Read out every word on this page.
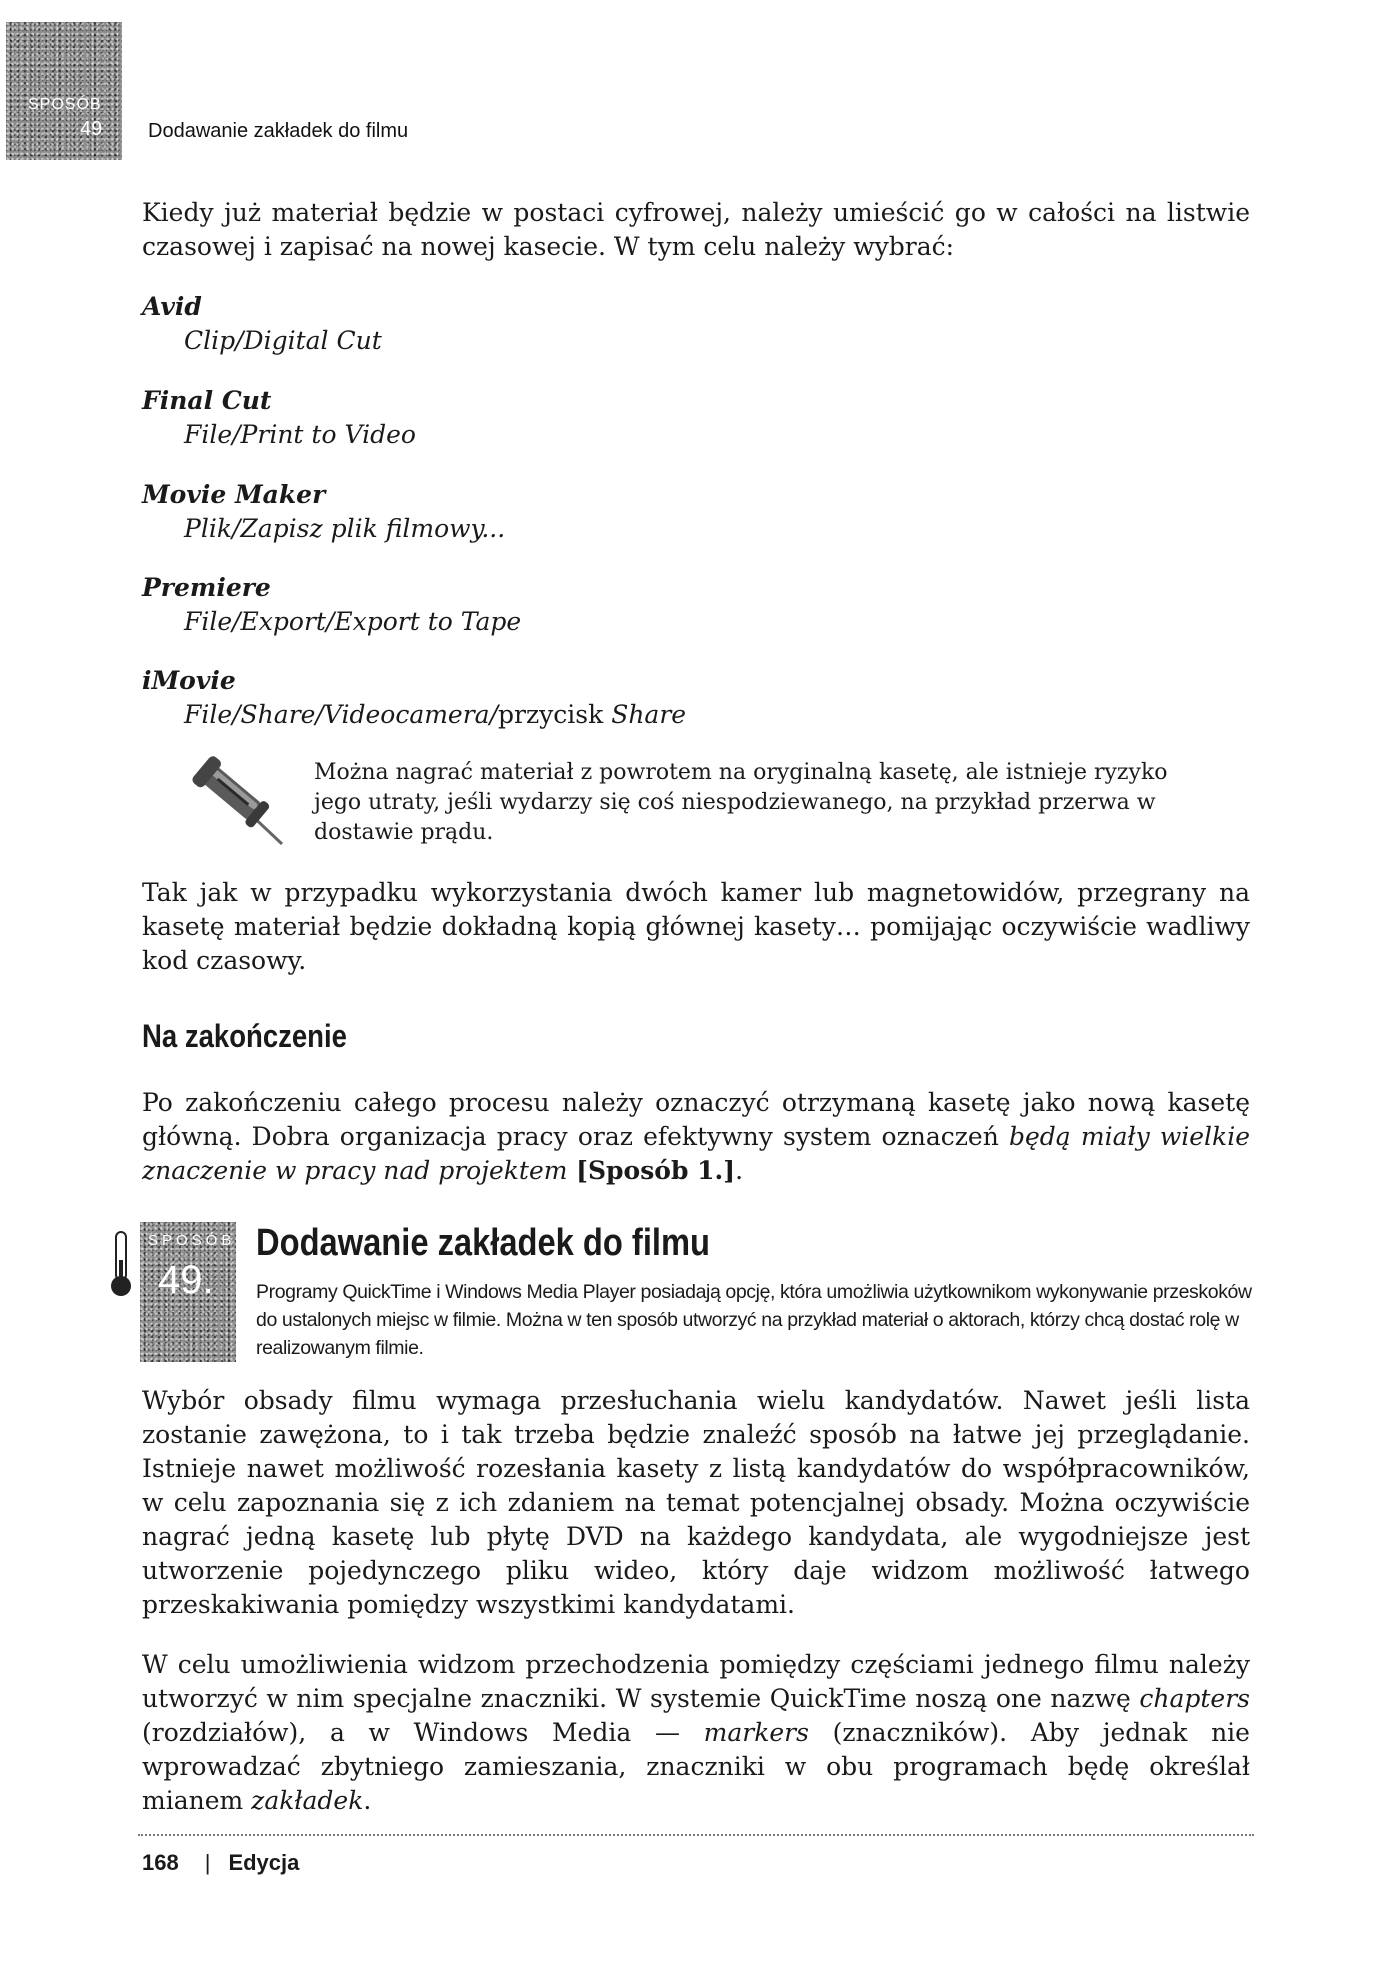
SPOSÓB
49 Dodawanie zakładek do filmu
Kiedy już materiał będzie w postaci cyfrowej, należy umieścić go w całości na listwie czasowej i zapisać na nowej kasecie. W tym celu należy wybrać:
Avid
Clip/Digital Cut
Final Cut
File/Print to Video
Movie Maker
Plik/Zapisz plik filmowy...
Premiere
File/Export/Export to Tape
iMovie
File/Share/Videocamera/przycisk Share
Można nagrać materiał z powrotem na oryginalną kasetę, ale istnieje ryzyko jego utraty, jeśli wydarzy się coś niespodziewanego, na przykład przerwa w dostawie prądu.
Tak jak w przypadku wykorzystania dwóch kamer lub magnetowidów, przegrany na kasetę materiał będzie dokładną kopią głównej kasety… pomijając oczywiście wadliwy kod czasowy.
Na zakończenie
Po zakończeniu całego procesu należy oznaczyć otrzymaną kasetę jako nową kasetę główną. Dobra organizacja pracy oraz efektywny system oznaczeń będą miały wielkie znaczenie w pracy nad projektem [Sposób 1.].
SPOSÓB
49.
Dodawanie zakładek do filmu
Programy QuickTime i Windows Media Player posiadają opcję, która umożliwia użytkownikom wykonywanie przeskoków do ustalonych miejsc w filmie. Można w ten sposób utworzyć na przykład materiał o aktorach, którzy chcą dostać rolę w realizowanym filmie.
Wybór obsady filmu wymaga przesłuchania wielu kandydatów. Nawet jeśli lista zostanie zawężona, to i tak trzeba będzie znaleźć sposób na łatwe jej przeglądanie. Istnieje nawet możliwość rozesłania kasety z listą kandydatów do współpracowników, w celu zapoznania się z ich zdaniem na temat potencjalnej obsady. Można oczywiście nagrać jedną kasetę lub płytę DVD na każdego kandydata, ale wygodniejsze jest utworzenie pojedynczego pliku wideo, który daje widzom możliwość łatwego przeskakiwania pomiędzy wszystkimi kandydatami.
W celu umożliwienia widzom przechodzenia pomiędzy częściami jednego filmu należy utworzyć w nim specjalne znaczniki. W systemie QuickTime noszą one nazwę chapters (rozdziałów), a w Windows Media — markers (znaczników). Aby jednak nie wprowadzać zbytniego zamieszania, znaczniki w obu programach będę określał mianem zakładek.
168 | Edycja
